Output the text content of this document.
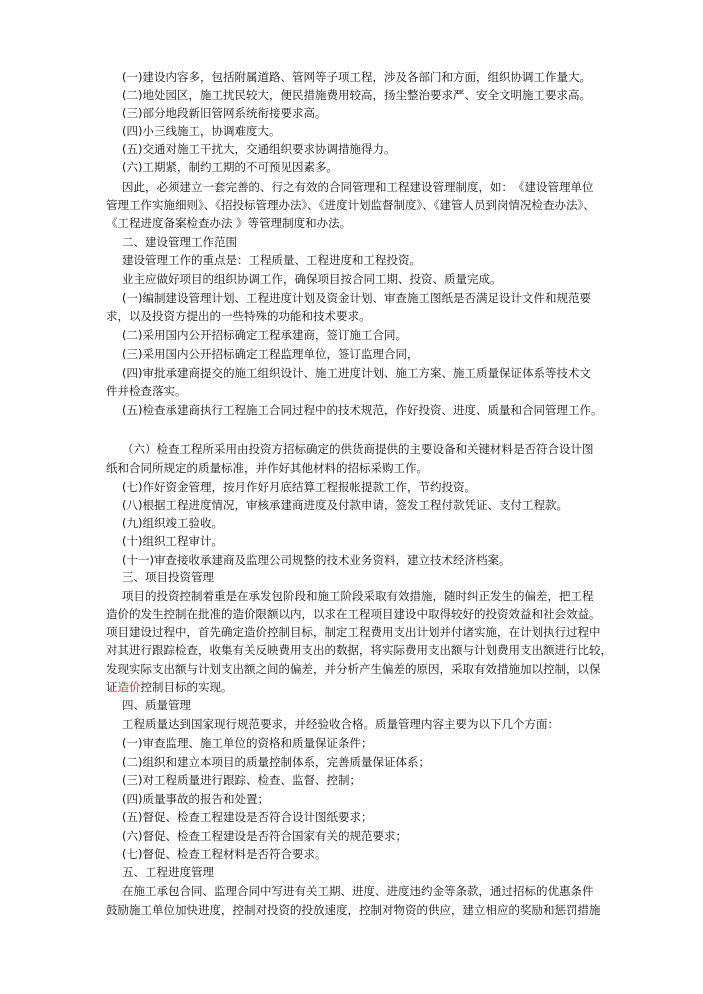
(一)建设内容多，包括附属道路、管网等子项工程，涉及各部门和方面，组织协调工作量大。
(二)地处园区，施工扰民较大，便民措施费用较高，扬尘整治要求严、安全文明施工要求高。
(三)部分地段新旧管网系统衔接要求高。
(四)小三线施工，协调难度大。
(五)交通对施工干扰大，交通组织要求协调措施得力。
(六)工期紧，制约工期的不可预见因素多。
因此，必须建立一套完善的、行之有效的合同管理和工程建设管理制度，如：　《建设管理单位
管理工作实施细则》、《招投标管理办法》、《进度计划监督制度》、《建管人员到岗情况检查办法》、
《工程进度备案检查办法 》等管理制度和办法。
二、建设管理工作范围
建设管理工作的重点是：工程质量、工程进度和工程投资。
业主应做好项目的组织协调工作，确保项目按合同工期、投资、质量完成。
(一)编制建设管理计划、工程进度计划及资金计划、审查施工图纸是否满足设计文件和规范要
求，以及投资方提出的一些特殊的功能和技术要求。
(二)采用国内公开招标确定工程承建商，签订施工合同。
(三)采用国内公开招标确定工程监理单位，签订监理合同，
(四)审批承建商提交的施工组织设计、施工进度计划、施工方案、施工质量保证体系等技术文
件并检查落实。
(五)检查承建商执行工程施工合同过程中的技术规范，作好投资、进度、质量和合同管理工作。
（六）检查工程所采用由投资方招标确定的供货商提供的主要设备和关键材料是否符合设计图
纸和合同所规定的质量标准，并作好其他材料的招标采购工作。
(七)作好资金管理，按月作好月底结算工程报帐提款工作，节约投资。
(八)根据工程进度情况，审核承建商进度及付款申请，签发工程付款凭证、支付工程款。
(九)组织竣工验收。
(十)组织工程审计。
(十一)审查接收承建商及监理公司规整的技术业务资料，建立技术经济档案。
三、项目投资管理
项目的投资控制着重是在承发包阶段和施工阶段采取有效措施，随时纠正发生的偏差，把工程
造价的发生控制在批准的造价限额以内，以求在工程项目建设中取得较好的投资效益和社会效益。
项目建设过程中，首先确定造价控制目标，制定工程费用支出计划并付诸实施，在计划执行过程中
对其进行跟踪检查，收集有关反映费用支出的数据，将实际费用支出额与计划费用支出额进行比较，
发现实际支出额与计划支出额之间的偏差，并分析产生偏差的原因，采取有效措施加以控制，以保
证造价控制目标的实现。
四、质量管理
工程质量达到国家现行规范要求，并经验收合格。质量管理内容主要为以下几个方面：
(一)审查监理、施工单位的资格和质量保证条件；
(二)组织和建立本项目的质量控制体系，完善质量保证体系；
(三)对工程质量进行跟踪、检查、监督、控制；
(四)质量事故的报告和处置；
(五)督促、检查工程建设是否符合设计图纸要求；
(六)督促、检查工程建设是否符合国家有关的规范要求；
(七)督促、检查工程材料是否符合要求。
五、工程进度管理
在施工承包合同、监理合同中写进有关工期、进度、进度违约金等条款，通过招标的优惠条件
鼓励施工单位加快进度，控制对投资的投放速度，控制对物资的供应，建立相应的奖励和惩罚措施
